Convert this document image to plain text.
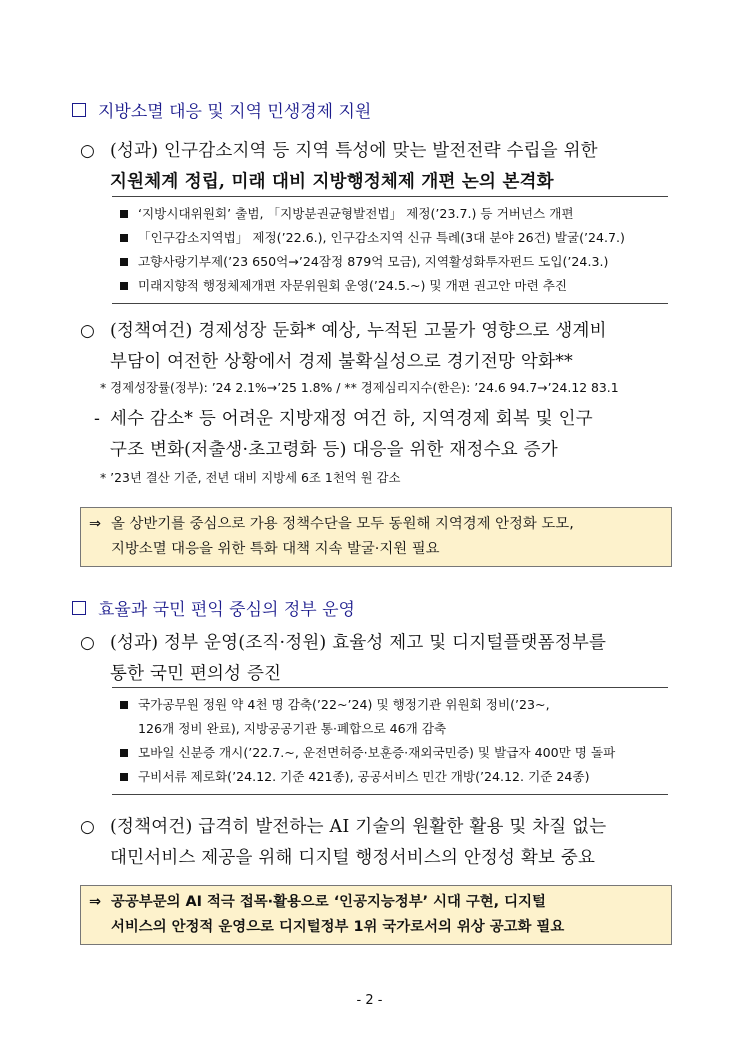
지방소멸 대응 및 지역 민생경제 지원
○ (성과) 인구감소지역 등 지역 특성에 맞는 발전전략 수립을 위한
지원체계 정립, 미래 대비 지방행정체제 개편 논의 본격화
‘지방시대위원회’ 출범, 「지방분권균형발전법」 제정(’23.7.) 등 거버넌스 개편
「인구감소지역법」 제정(’22.6.), 인구감소지역 신규 특례(3대 분야 26건) 발굴(’24.7.)
고향사랑기부제(’23 650억→’24잠정 879억 모금), 지역활성화투자펀드 도입(’24.3.)
미래지향적 행정체제개편 자문위원회 운영(’24.5.~) 및 개편 권고안 마련 추진
○ (정책여건) 경제성장 둔화* 예상, 누적된 고물가 영향으로 생계비
부담이 여전한 상황에서 경제 불확실성으로 경기전망 악화**
* 경제성장률(정부): ’24 2.1%→’25 1.8% / ** 경제심리지수(한은): ’24.6 94.7→’24.12 83.1
- 세수 감소* 등 어려운 지방재정 여건 하, 지역경제 회복 및 인구
구조 변화(저출생·초고령화 등) 대응을 위한 재정수요 증가
* ’23년 결산 기준, 전년 대비 지방세 6조 1천억 원 감소
⇒ 올 상반기를 중심으로 가용 정책수단을 모두 동원해 지역경제 안정화 도모,
지방소멸 대응을 위한 특화 대책 지속 발굴·지원 필요
효율과 국민 편익 중심의 정부 운영
○ (성과) 정부 운영(조직·정원) 효율성 제고 및 디지털플랫폼정부를
통한 국민 편의성 증진
국가공무원 정원 약 4천 명 감축(’22~’24) 및 행정기관 위원회 정비(’23~,
126개 정비 완료), 지방공공기관 통·폐합으로 46개 감축
모바일 신분증 개시(’22.7.~, 운전면허증·보훈증·재외국민증) 및 발급자 400만 명 돌파
구비서류 제로화(’24.12. 기준 421종), 공공서비스 민간 개방(’24.12. 기준 24종)
○ (정책여건) 급격히 발전하는 AI 기술의 원활한 활용 및 차질 없는
대민서비스 제공을 위해 디지털 행정서비스의 안정성 확보 중요
⇒ 공공부문의 AI 적극 접목·활용으로 ‘인공지능정부’ 시대 구현, 디지털
서비스의 안정적 운영으로 디지털정부 1위 국가로서의 위상 공고화 필요
- 2 -
